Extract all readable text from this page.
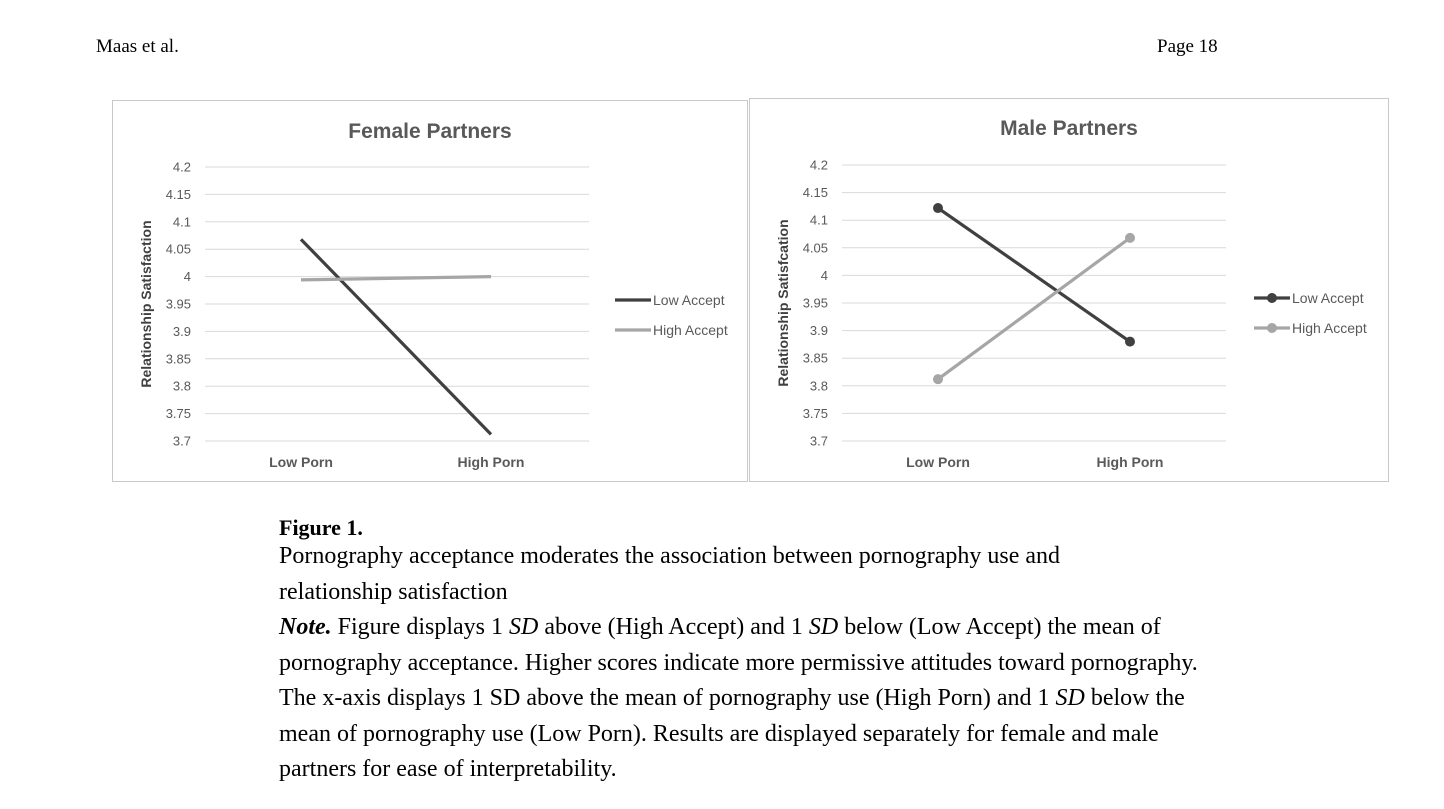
Maas et al.	Page 18
Female Partners
4.2
4.15
4.1
4.05
4
3.95
3.9
3.85
3.8
3.75
3.7
Low Porn	High Porn
Relationship Satisfaction	Low Accept
High Accept
Male Partners
4.2
4.15
4.1
4.05
4
3.95
3.9
3.85
3.8
3.75
3.7
Low Porn	High Porn
Relationship Satisfcation	Low Accept
High Accept
Figure 1.
Pornography acceptance moderates the association between pornography use and relationship satisfaction
Note. Figure displays 1 SD above (High Accept) and 1 SD below (Low Accept) the mean of pornography acceptance. Higher scores indicate more permissive attitudes toward pornography. The x-axis displays 1 SD above the mean of pornography use (High Porn) and 1 SD below the mean of pornography use (Low Porn). Results are displayed separately for female and male partners for ease of interpretability.
